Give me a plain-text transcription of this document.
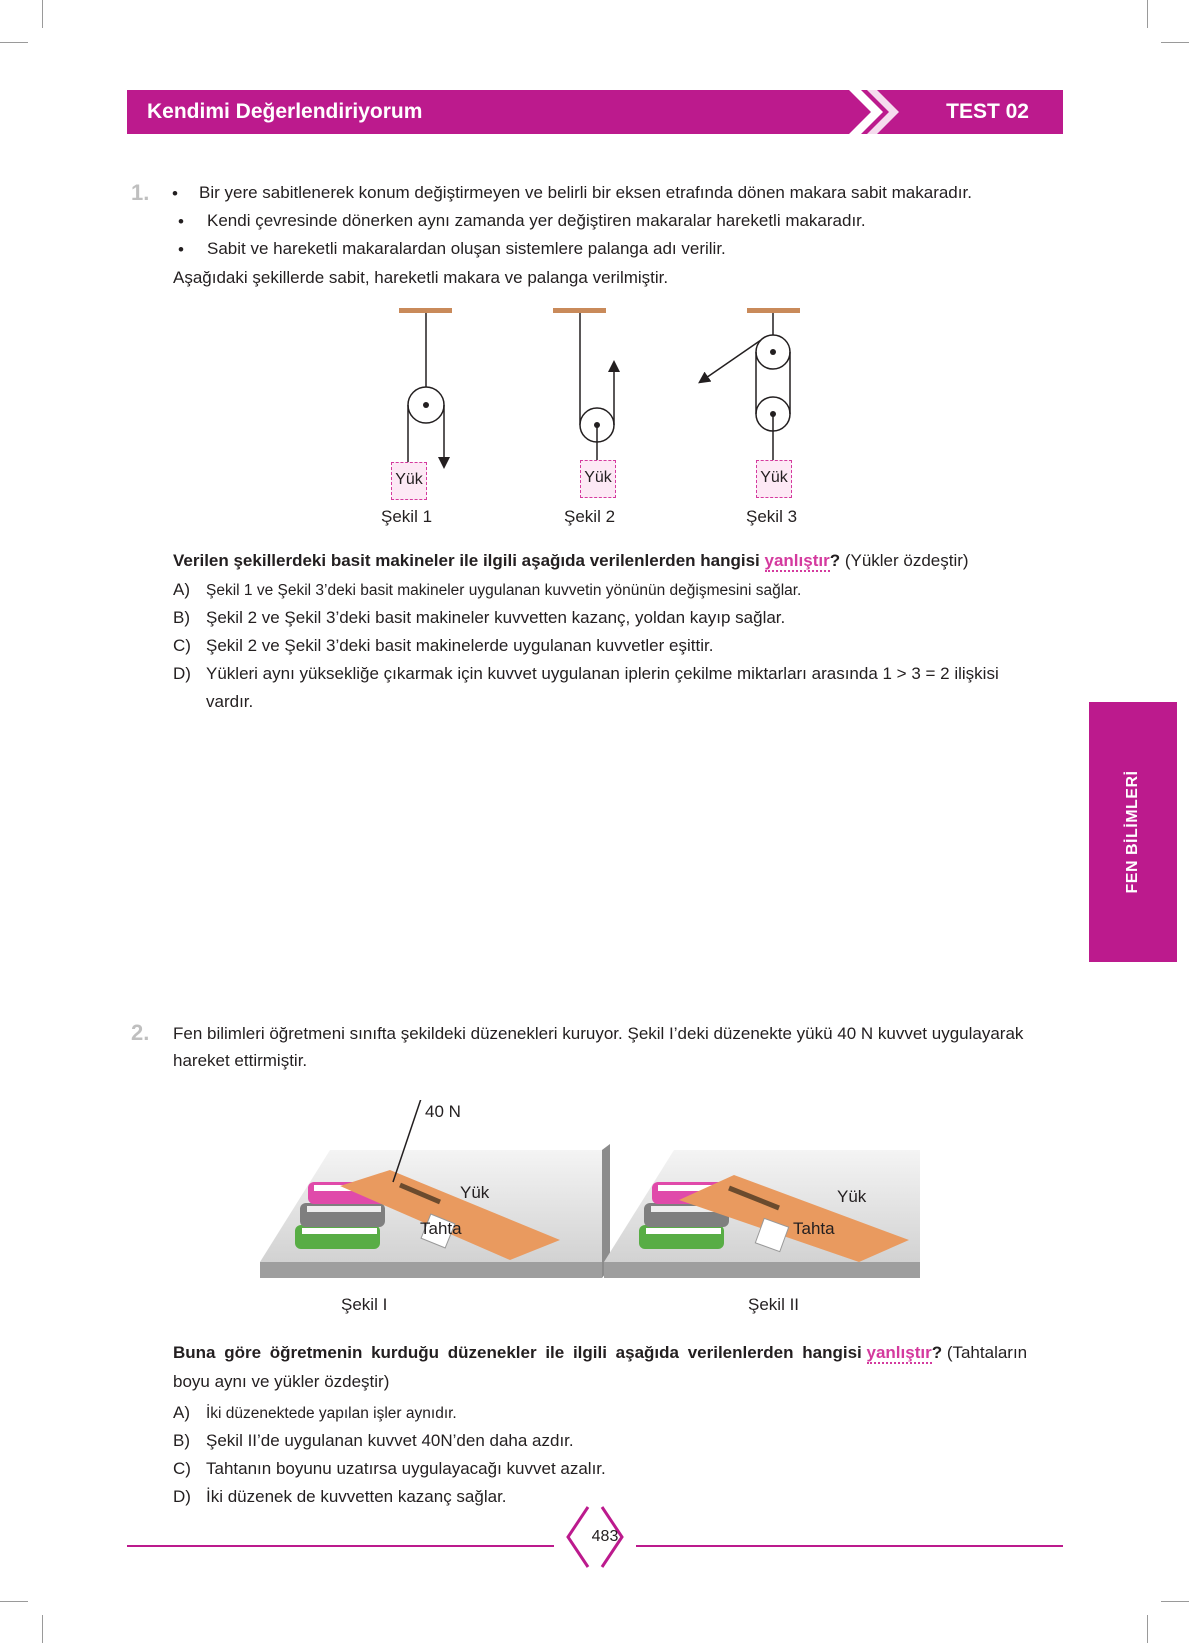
Kendimi Değerlendiriyorum	TEST 02
FEN BİLİMLERİ
1. • Bir yere sabitlenerek konum değiştirmeyen ve belirli bir eksen etrafında dönen makara sabit makaradır.
• Kendi çevresinde dönerken aynı zamanda yer değiştiren makaralar hareketli makaradır.
• Sabit ve hareketli makaralardan oluşan sistemlere palanga adı verilir.
Aşağıdaki şekillerde sabit, hareketli makara ve palanga verilmiştir.
Yük	Yük	Yük
Şekil 1	Şekil 2	Şekil 3
Verilen şekillerdeki basit makineler ile ilgili aşağıda verilenlerden hangisi yanlıştır? (Yükler özdeştir)
A) Şekil 1 ve Şekil 3’deki basit makineler uygulanan kuvvetin yönünün değişmesini sağlar.
B) Şekil 2 ve Şekil 3’deki basit makineler kuvvetten kazanç, yoldan kayıp sağlar.
C) Şekil 2 ve Şekil 3’deki basit makinelerde uygulanan kuvvetler eşittir.
D) Yükleri aynı yüksekliğe çıkarmak için kuvvet uygulanan iplerin çekilme miktarları arasında 1 > 3 = 2 ilişkisi
vardır.
2. Fen bilimleri öğretmeni sınıfta şekildeki düzenekleri kuruyor. Şekil I’deki düzenekte yükü 40 N kuvvet uygulayarak
hareket ettirmiştir.
40 N
Yük
Tahta
Yük
Tahta
Şekil I	Şekil II
Buna göre öğretmenin kurduğu düzenekler ile ilgili aşağıda verilenlerden hangisi yanlıştır? (Tahtaların
boyu aynı ve yükler özdeştir)
A) İki düzenektede yapılan işler aynıdır.
B) Şekil II’de uygulanan kuvvet 40N’den daha azdır.
C) Tahtanın boyunu uzatırsa uygulayacağı kuvvet azalır.
D) İki düzenek de kuvvetten kazanç sağlar.
483
